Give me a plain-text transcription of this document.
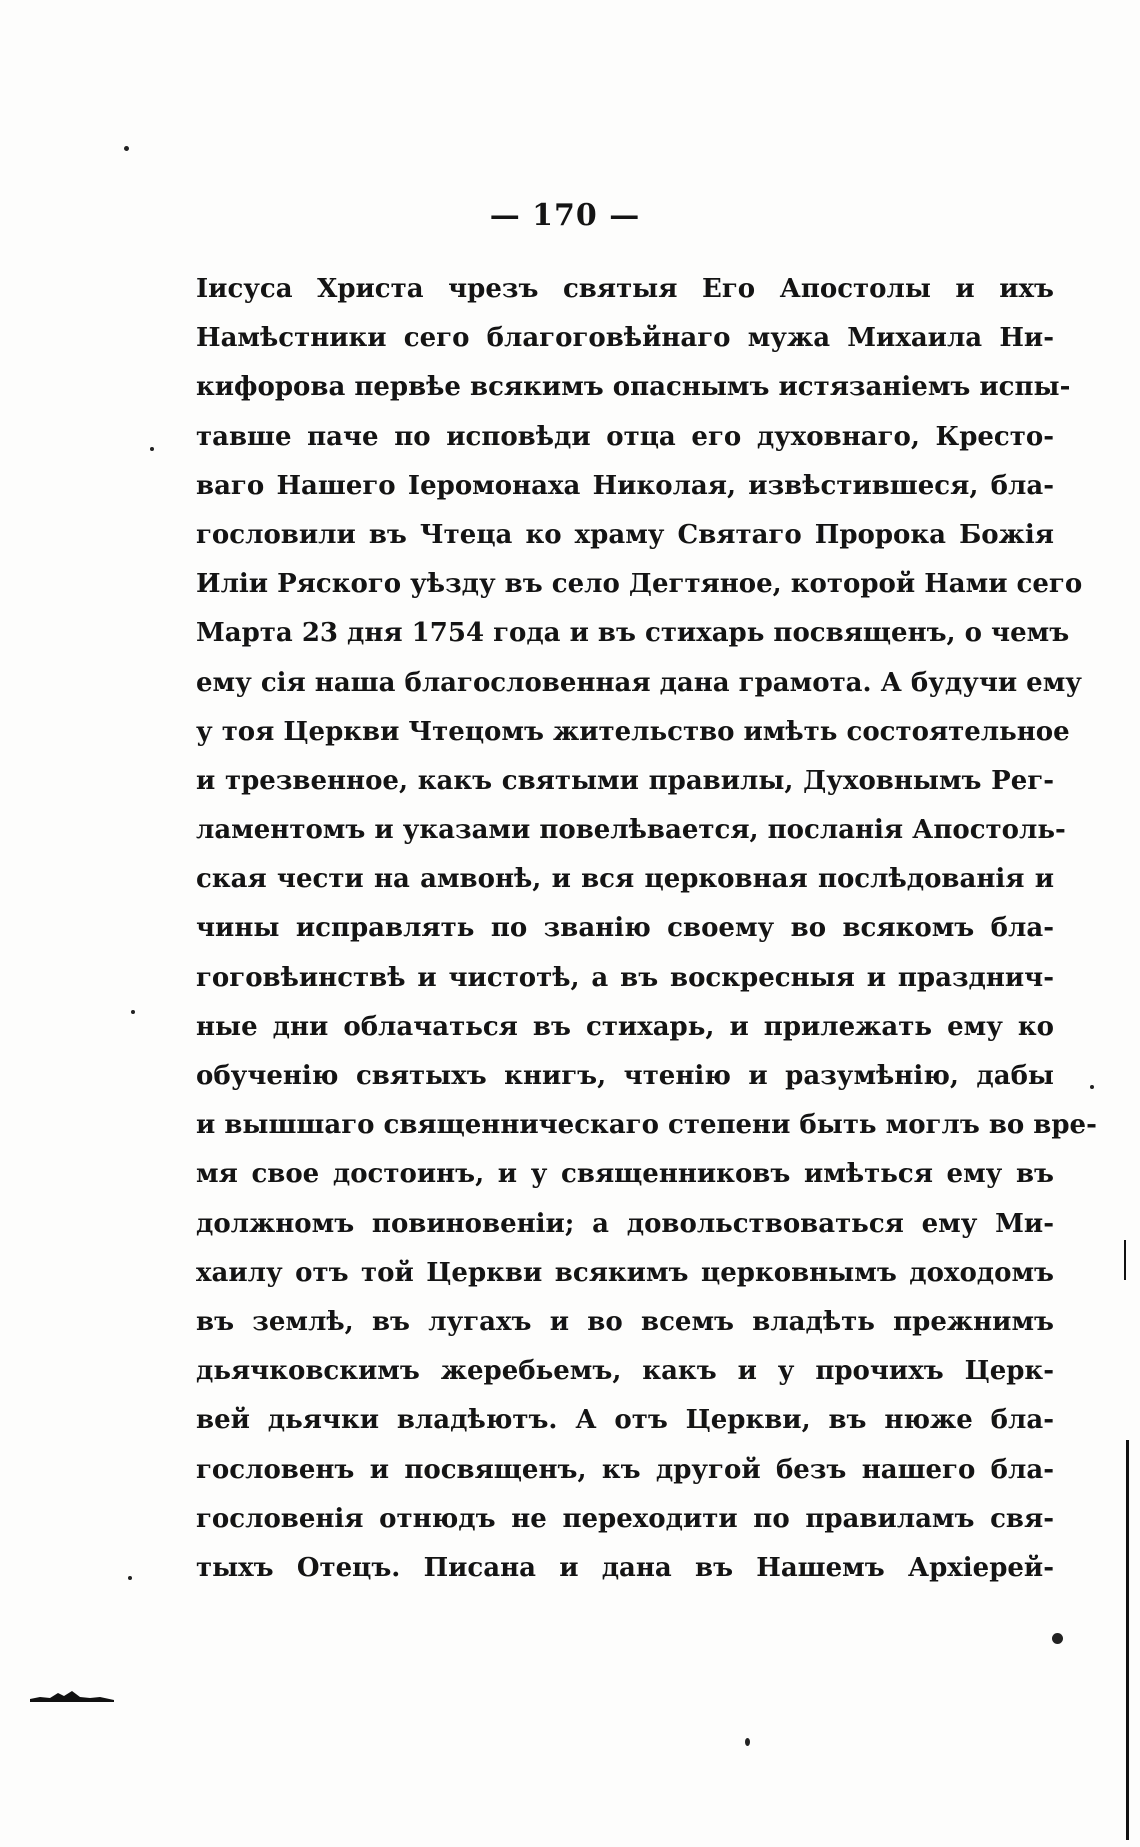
— 170 —
Іисуса Христа чрезъ святыя Его Апостолы и ихъ
Намѣстники сего благоговѣйнаго мужа Михаила Ни-
кифорова первѣе всякимъ опаснымъ истязаніемъ испы-
тавше паче по исповѣди отца его духовнаго, Кресто-
ваго Нашего Іеромонаха Николая, извѣстившеся, бла-
гословили въ Чтеца ко храму Святаго Пророка Божія
Иліи Ряского уѣзду въ село Дегтяное, которой Нами сего
Марта 23 дня 1754 года и въ стихарь посвященъ, о чемъ
ему сія наша благословенная дана грамота. А будучи ему
у тоя Церкви Чтецомъ жительство имѣть состоятельное
и трезвенное, какъ святыми правилы, Духовнымъ Рег-
ламентомъ и указами повелѣвается, посланія Апостоль-
ская чести на амвонѣ, и вся церковная послѣдованія и
чины исправлять по званію своему во всякомъ бла-
гоговѣинствѣ и чистотѣ, а въ воскресныя и празднич-
ные дни облачаться въ стихарь, и прилежать ему ко
обученію святыхъ книгъ, чтенію и разумѣнію, дабы
и вышшаго священническаго степени быть моглъ во вре-
мя свое достоинъ, и у священниковъ имѣться ему въ
должномъ повиновеніи; а довольствоваться ему Ми-
хаилу отъ той Церкви всякимъ церковнымъ доходомъ
въ землѣ, въ лугахъ и во всемъ владѣть прежнимъ
дьячковскимъ жеребьемъ, какъ и у прочихъ Церк-
вей дьячки владѣютъ. А отъ Церкви, въ нюже бла-
гословенъ и посвященъ, къ другой безъ нашего бла-
гословенія отнюдъ не переходити по правиламъ свя-
тыхъ Отецъ. Писана и дана въ Нашемъ Архіерей-
